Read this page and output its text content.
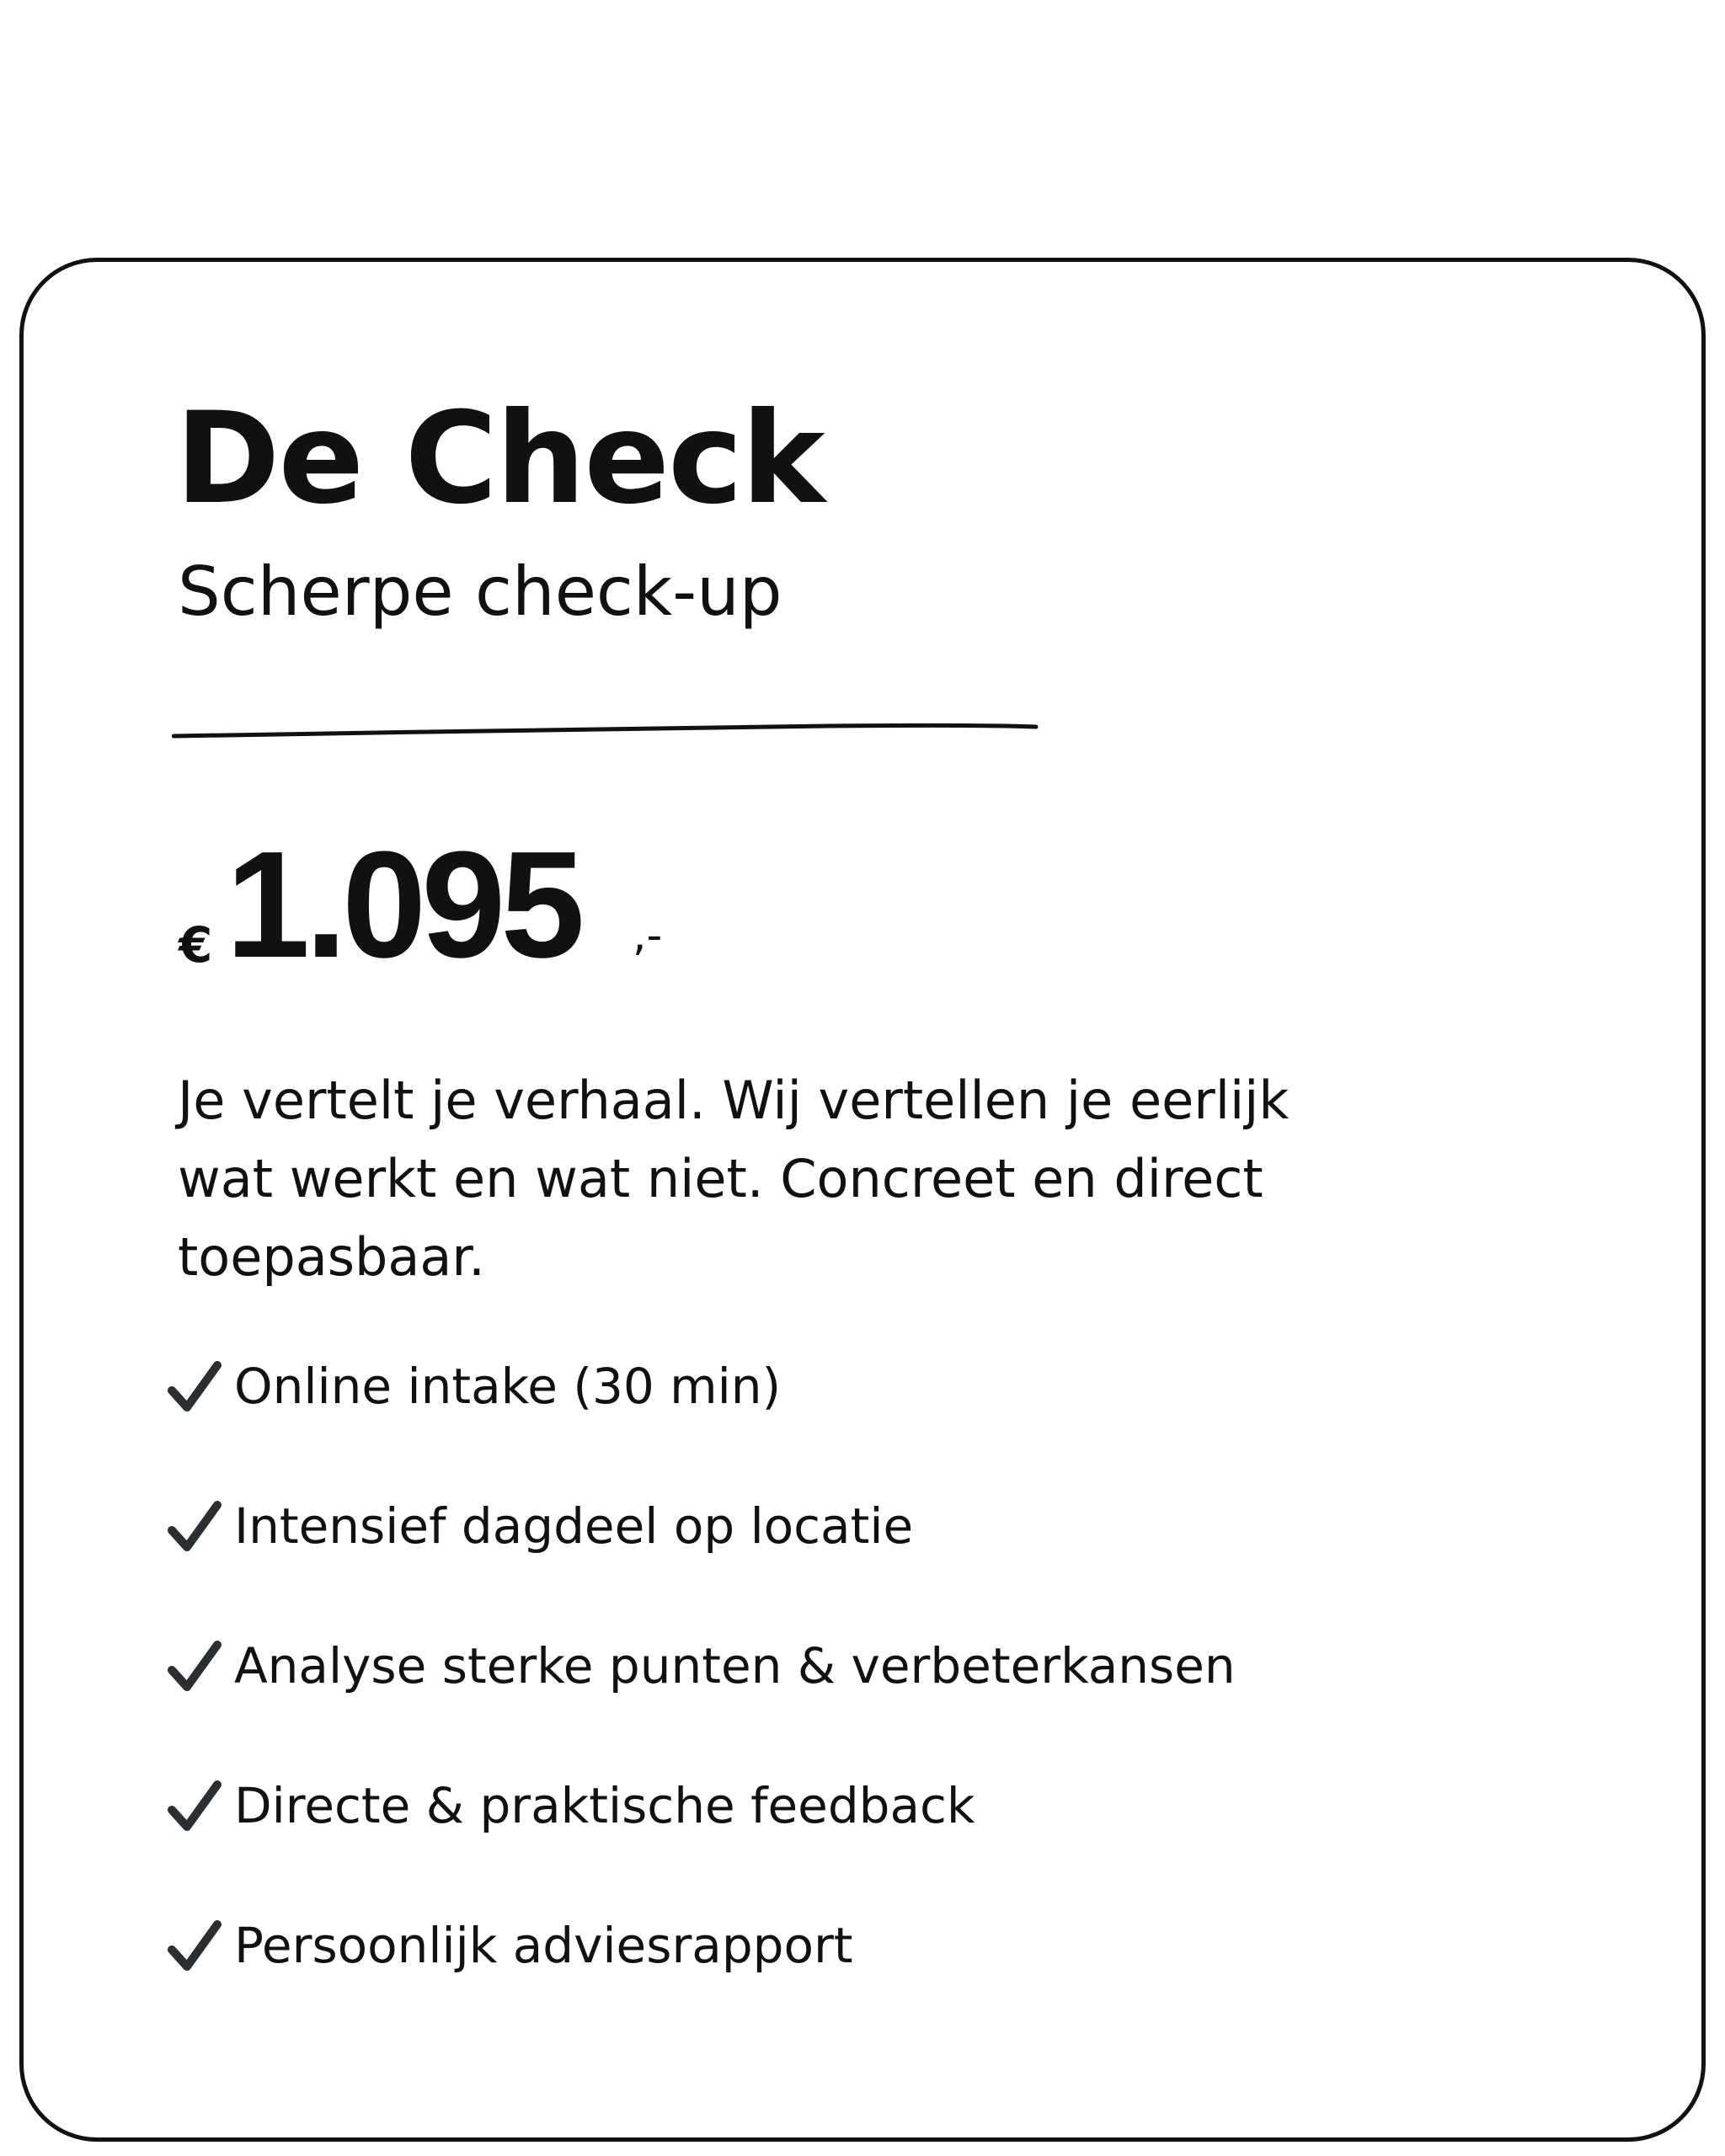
De Check
Scherpe check-up
€ 1.095 ,-

Je vertelt je verhaal. Wij vertellen je eerlijk wat werkt en wat niet. Concreet en direct toepasbaar.

Online intake (30 min)
Intensief dagdeel op locatie
Analyse sterke punten & verbeterkansen
Directe & praktische feedback
Persoonlijk adviesrapport
